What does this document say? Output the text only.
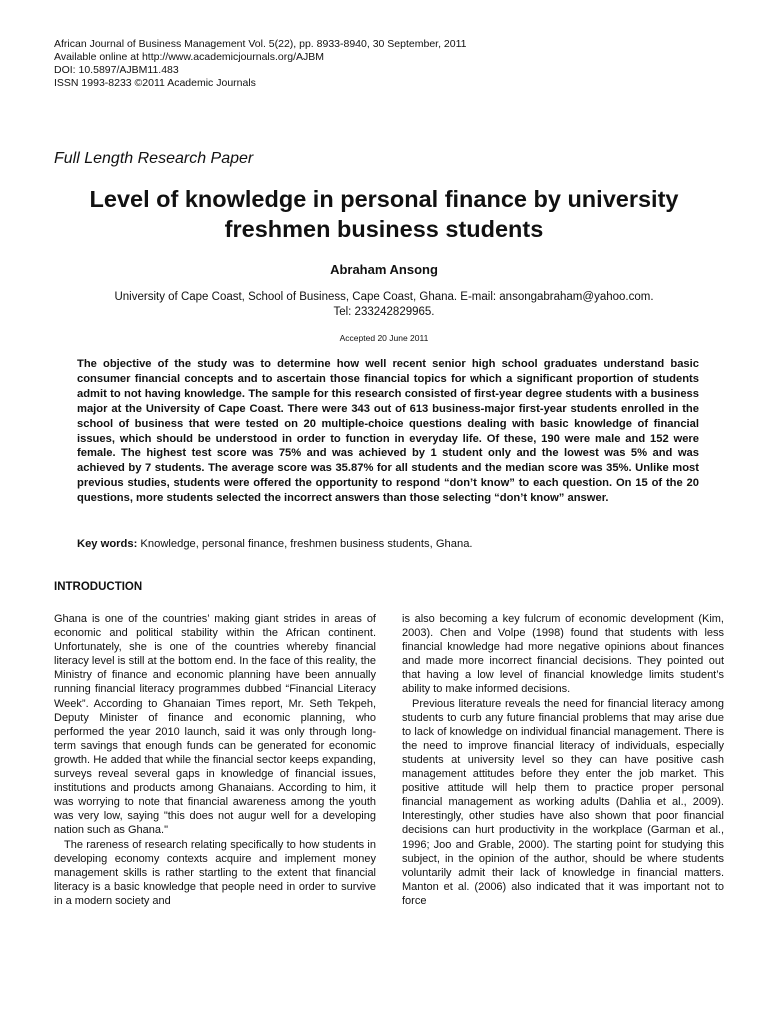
African Journal of Business Management Vol. 5(22), pp. 8933-8940, 30 September, 2011
Available online at http://www.academicjournals.org/AJBM
DOI: 10.5897/AJBM11.483
ISSN 1993-8233 ©2011 Academic Journals
Full Length Research Paper
Level of knowledge in personal finance by university
freshmen business students
Abraham Ansong
University of Cape Coast, School of Business, Cape Coast, Ghana. E-mail: ansongabraham@yahoo.com.
Tel: 233242829965.
Accepted 20 June 2011

The objective of the study was to determine how well recent senior high school graduates understand basic consumer financial concepts and to ascertain those financial topics for which a significant proportion of students admit to not having knowledge. The sample for this research consisted of first-year degree students with a business major at the University of Cape Coast. There were 343 out of 613 business-major first-year students enrolled in the school of business that were tested on 20 multiple-choice questions dealing with basic knowledge of financial issues, which should be understood in order to function in everyday life. Of these, 190 were male and 152 were female. The highest test score was 75% and was achieved by 1 student only and the lowest was 5% and was achieved by 7 students. The average score was 35.87% for all students and the median score was 35%. Unlike most previous studies, students were offered the opportunity to respond “don’t know” to each question. On 15 of the 20 questions, more students selected the incorrect answers than those selecting “don’t know” answer.

Key words: Knowledge, personal finance, freshmen business students, Ghana.

INTRODUCTION

Ghana is one of the countries’ making giant strides in areas of economic and political stability within the African continent. Unfortunately, she is one of the countries whereby financial literacy level is still at the bottom end. In the face of this reality, the Ministry of finance and economic planning have been annually running financial literacy programmes dubbed “Financial Literacy Week”. According to Ghanaian Times report, Mr. Seth Tekpeh, Deputy Minister of finance and economic planning, who performed the year 2010 launch, said it was only through long-term savings that enough funds can be generated for economic growth. He added that while the financial sector keeps expanding, surveys reveal several gaps in knowledge of financial issues, institutions and products among Ghanaians. According to him, it was worrying to note that financial awareness among the youth was very low, saying "this does not augur well for a developing nation such as Ghana."

The rareness of research relating specifically to how students in developing economy contexts acquire and implement money management skills is rather startling to the extent that financial literacy is a basic knowledge that people need in order to survive in a modern society and

is also becoming a key fulcrum of economic development (Kim, 2003). Chen and Volpe (1998) found that students with less financial knowledge had more negative opinions about finances and made more incorrect financial decisions. They pointed out that having a low level of financial knowledge limits student’s ability to make informed decisions.

Previous literature reveals the need for financial literacy among students to curb any future financial problems that may arise due to lack of knowledge on individual financial management. There is the need to improve financial literacy of individuals, especially students at university level so they can have positive cash management attitudes before they enter the job market. This positive attitude will help them to practice proper personal financial management as working adults (Dahlia et al., 2009). Interestingly, other studies have also shown that poor financial decisions can hurt productivity in the workplace (Garman et al., 1996; Joo and Grable, 2000). The starting point for studying this subject, in the opinion of the author, should be where students voluntarily admit their lack of knowledge in financial matters. Manton et al. (2006) also indicated that it was important not to force
